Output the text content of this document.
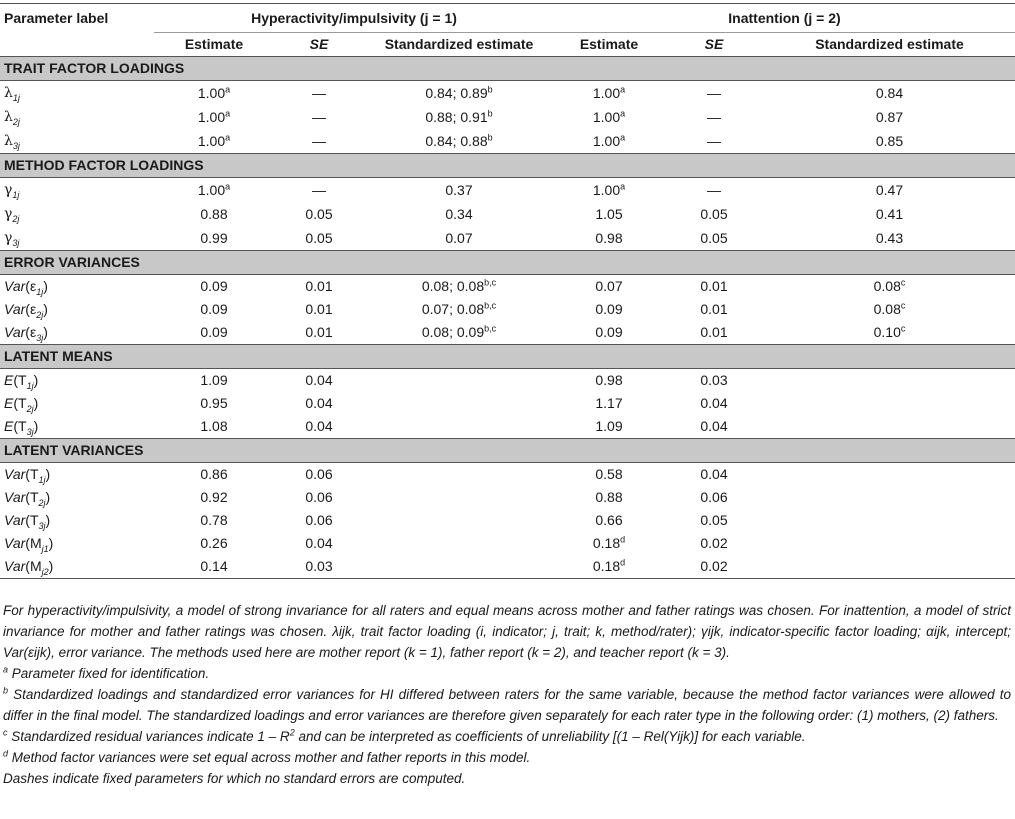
Parameter label	Hyperactivity/impulsivity (j = 1)			Inattention (j = 2)		
	Estimate	SE	Standardized estimate	Estimate	SE	Standardized estimate
TRAIT FACTOR LOADINGS						
$\lambda_{1j}$	1.00$^a$	—	0.84; 0.89$^b$	1.00$^a$	—	0.84
$\lambda_{2j}$	1.00$^a$	—	0.88; 0.91$^b$	1.00$^a$	—	0.87
$\lambda_{3j}$	1.00$^a$	—	0.84; 0.88$^b$	1.00$^a$	—	0.85
METHOD FACTOR LOADINGS						
$\gamma_{1j}$	1.00$^a$	—	0.37	1.00$^a$	—	0.47
$\gamma_{2j}$	0.88	0.05	0.34	1.05	0.05	0.41
$\gamma_{3j}$	0.99	0.05	0.07	0.98	0.05	0.43
ERROR VARIANCES						
$Var(\varepsilon_{1j})$	0.09	0.01	0.08; 0.08$^{b,c}$	0.07	0.01	0.08$^c$
$Var(\varepsilon_{2j})$	0.09	0.01	0.07; 0.08$^{b,c}$	0.09	0.01	0.08$^c$
$Var(\varepsilon_{3j})$	0.09	0.01	0.08; 0.09$^{b,c}$	0.09	0.01	0.10$^c$
LATENT MEANS						
$E(T_{1j})$	1.09	0.04		0.98	0.03	
$E(T_{2j})$	0.95	0.04		1.17	0.04	
$E(T_{3j})$	1.08	0.04		1.09	0.04	
LATENT VARIANCES						
$Var(T_{1j})$	0.86	0.06		0.58	0.04	
$Var(T_{2j})$	0.92	0.06		0.88	0.06	
$Var(T_{3j})$	0.78	0.06		0.66	0.05	
$Var(M_{j1})$	0.26	0.04		0.18$^d$	0.02	
$Var(M_{j2})$	0.14	0.03		0.18$^d$	0.02	

For hyperactivity/impulsivity, a model of strong invariance for all raters and equal means across mother and father ratings was chosen. For inattention, a model of strict invariance for mother and father ratings was chosen. λijk, trait factor loading (i, indicator; j, trait; k, method/rater); γijk, indicator-specific factor loading; αijk, intercept; Var(εijk), error variance. The methods used here are mother report (k = 1), father report (k = 2), and teacher report (k = 3).

$^a$ Parameter fixed for identification.

$^b$ Standardized loadings and standardized error variances for HI differed between raters for the same variable, because the method factor variances were allowed to differ in the final model. The standardized loadings and error variances are therefore given separately for each rater type in the following order: (1) mothers, (2) fathers.

$^c$ Standardized residual variances indicate $1 - R^2$ and can be interpreted as coefficients of unreliability [(1 – Rel(Yijk)] for each variable.

$^d$ Method factor variances were set equal across mother and father reports in this model.

Dashes indicate fixed parameters for which no standard errors are computed.
